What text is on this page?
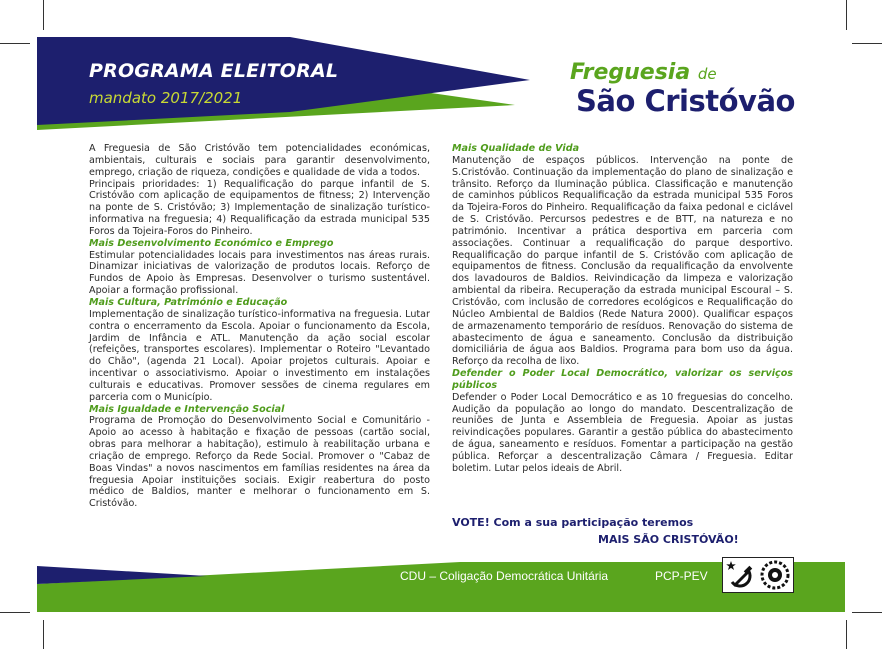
PROGRAMA ELEITORAL
mandato 2017/2021
Freguesia de
São Cristóvão

A Freguesia de São Cristóvão tem potencialidades económicas, ambientais, culturais e sociais para garantir desenvolvimento, emprego, criação de riqueza, condições e qualidade de vida a todos.

Principais prioridades: 1) Requalificação do parque infantil de S. Cristóvão com aplicação de equipamentos de fitness; 2) Intervenção na ponte de S. Cristóvão; 3) Implementação de sinalização turístico-informativa na freguesia; 4) Requalificação da estrada municipal 535 Foros da Tojeira-Foros do Pinheiro.

Mais Desenvolvimento Económico e Emprego

Estimular potencialidades locais para investimentos nas áreas rurais. Dinamizar iniciativas de valorização de produtos locais. Reforço de Fundos de Apoio às Empresas. Desenvolver o turismo sustentável. Apoiar a formação profissional.

Mais Cultura, Património e Educação

Implementação de sinalização turístico-informativa na freguesia. Lutar contra o encerramento da Escola. Apoiar o funcionamento da Escola, Jardim de Infância e ATL. Manutenção da ação social escolar (refeições, transportes escolares). Implementar o Roteiro "Levantado do Chão", (agenda 21 Local). Apoiar projetos culturais. Apoiar e incentivar o associativismo. Apoiar o investimento em instalações culturais e educativas. Promover sessões de cinema regulares em parceria com o Município.

Mais Igualdade e Intervenção Social

Programa de Promoção do Desenvolvimento Social e Comunitário - Apoio ao acesso à habitação e fixação de pessoas (cartão social, obras para melhorar a habitação), estimulo à reabilitação urbana e criação de emprego. Reforço da Rede Social. Promover o "Cabaz de Boas Vindas" a novos nascimentos em famílias residentes na área da freguesia Apoiar instituições sociais. Exigir reabertura do posto médico de Baldios, manter e melhorar o funcionamento em S. Cristóvão.

Mais Qualidade de Vida

Manutenção de espaços públicos. Intervenção na ponte de S.Cristóvão. Continuação da implementação do plano de sinalização e trânsito. Reforço da Iluminação pública. Classificação e manutenção de caminhos públicos Requalificação da estrada municipal 535 Foros da Tojeira-Foros do Pinheiro. Requalificação da faixa pedonal e ciclável de S. Cristóvão. Percursos pedestres e de BTT, na natureza e no património. Incentivar a prática desportiva em parceria com associações. Continuar a requalificação do parque desportivo. Requalificação do parque infantil de S. Cristóvão com aplicação de equipamentos de fitness. Conclusão da requalificação da envolvente dos lavadouros de Baldios. Reivindicação da limpeza e valorização ambiental da ribeira. Recuperação da estrada municipal Escoural – S. Cristóvão, com inclusão de corredores ecológicos e Requalificação do Núcleo Ambiental de Baldios (Rede Natura 2000). Qualificar espaços de armazenamento temporário de resíduos. Renovação do sistema de abastecimento de água e saneamento. Conclusão da distribuição domiciliária de água aos Baldios. Programa para bom uso da água. Reforço da recolha de lixo.

Defender o Poder Local Democrático, valorizar os serviços públicos

Defender o Poder Local Democrático e as 10 freguesias do concelho. Audição da população ao longo do mandato. Descentralização de reuniões de Junta e Assembleia de Freguesia. Apoiar as justas reivindicações populares. Garantir a gestão pública do abastecimento de água, saneamento e resíduos. Fomentar a participação na gestão pública. Reforçar a descentralização Câmara / Freguesia. Editar boletim. Lutar pelos ideais de Abril.

VOTE! Com a sua participação teremos
MAIS SÃO CRISTÓVÃO!
CDU – Coligação Democrática Unitária	PCP-PEV
